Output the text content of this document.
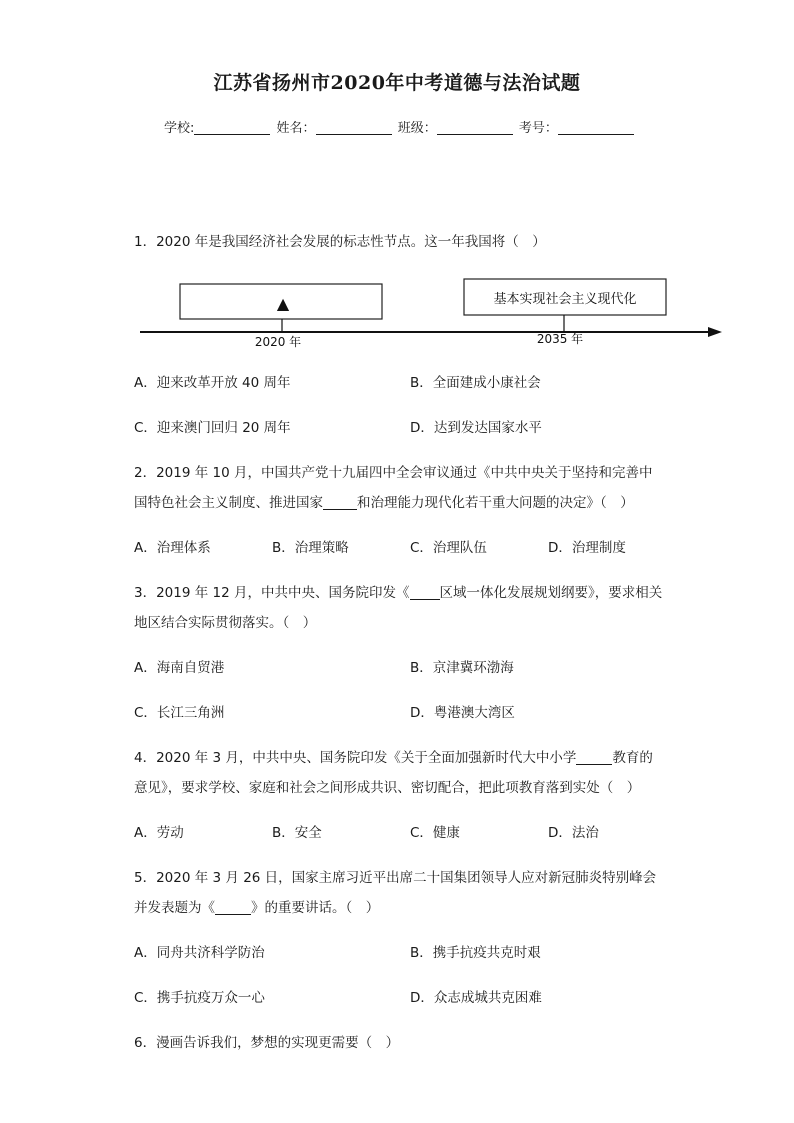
江苏省扬州市2020年中考道德与法治试题
学校:	姓名：	班级：	考号：
1．2020 年是我国经济社会发展的标志性节点。这一年我国将（　）
▲	基本实现社会主义现代化
2020 年	2035 年
A．迎来改革开放 40 周年	B．全面建成小康社会
C．迎来澳门回归 20 周年	D．达到发达国家水平
2．2019 年 10 月，中国共产党十九届四中全会审议通过《中共中央关于坚持和完善中
国特色社会主义制度、推进国家	和治理能力现代化若干重大问题的决定》（　）
A．治理体系	B．治理策略	C．治理队伍	D．治理制度
3．2019 年 12 月，中共中央、国务院印发《 区域一体化发展规划纲要》，要求相关
地区结合实际贯彻落实。（　）
A．海南自贸港	B．京津冀环渤海
C．长江三角洲	D．粤港澳大湾区
4．2020 年 3 月，中共中央、国务院印发《关于全面加强新时代大中小学	教育的
意见》，要求学校、家庭和社会之间形成共识、密切配合，把此项教育落到实处（　）
A．劳动	B．安全	C．健康	D．法治
5．2020 年 3 月 26 日，国家主席习近平出席二十国集团领导人应对新冠肺炎特别峰会
并发表题为《	》的重要讲话。（　）
A．同舟共济科学防治	B．携手抗疫共克时艰
C．携手抗疫万众一心	D．众志成城共克困难
6．漫画告诉我们，梦想的实现更需要（　）
